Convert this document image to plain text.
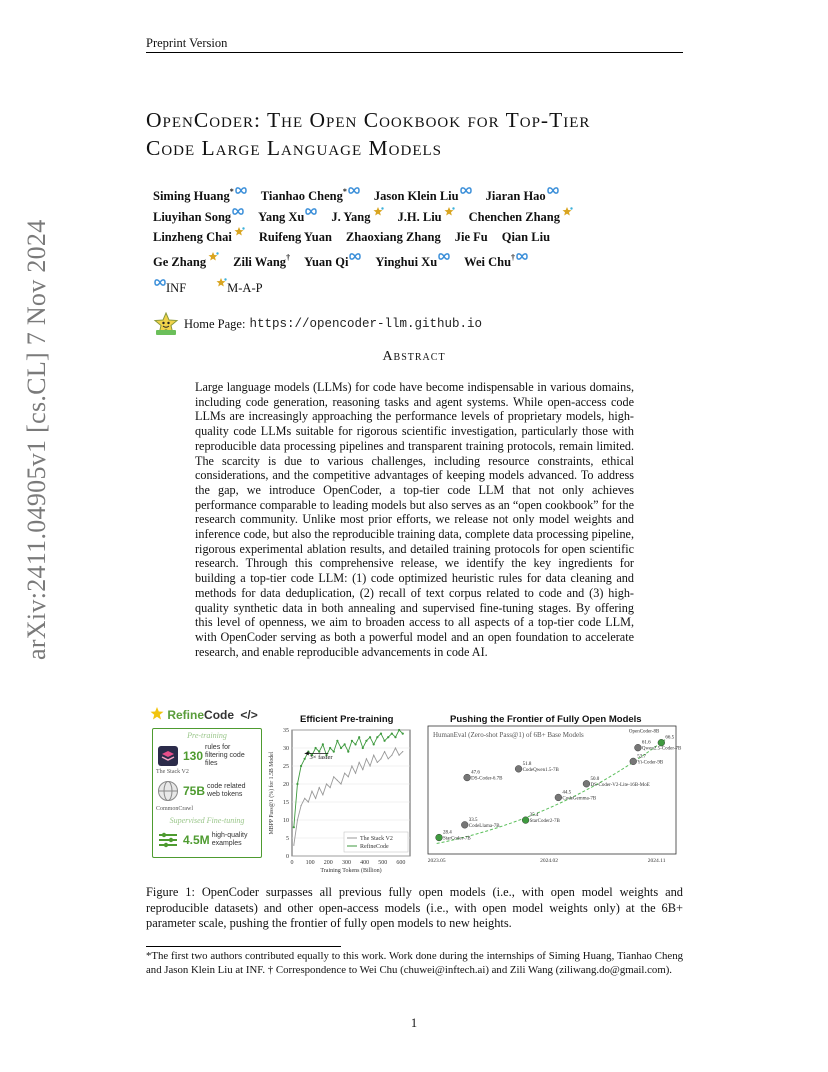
Preprint Version
arXiv:2411.04905v1 [cs.CL] 7 Nov 2024
OpenCoder: The Open Cookbook for Top-Tier
Code Large Language Models
Siming Huang* Tianhao Cheng* Jason Klein Liu Jiaran Hao
Liuyihan Song Yang Xu J. Yang J.H. Liu Chenchen Zhang
Linzheng Chai Ruifeng Yuan Zhaoxiang Zhang Jie Fu Qian Liu
Ge Zhang Zili Wang† Yuan Qi Yinghui Xu Wei Chu†
INF	M-A-P
Home Page: https://opencoder-llm.github.io
Abstract
Large language models (LLMs) for code have become indispensable in various domains, including code generation, reasoning tasks and agent systems. While open-access code LLMs are increasingly approaching the performance levels of proprietary models, high-quality code LLMs suitable for rigorous scientific investigation, particularly those with reproducible data processing pipelines and transparent training protocols, remain limited. The scarcity is due to various challenges, including resource constraints, ethical considerations, and the competitive advantages of keeping models advanced. To address the gap, we introduce OpenCoder, a top-tier code LLM that not only achieves performance comparable to leading models but also serves as an “open cookbook” for the research community. Unlike most prior efforts, we release not only model weights and inference code, but also the reproducible training data, complete data processing pipeline, rigorous experimental ablation results, and detailed training protocols for open scientific research. Through this comprehensive release, we identify the key ingredients for building a top-tier code LLM: (1) code optimized heuristic rules for data cleaning and methods for data deduplication, (2) recall of text corpus related to code and (3) high-quality synthetic data in both annealing and supervised fine-tuning stages. By offering this level of openness, we aim to broaden access to all aspects of a top-tier code LLM, with OpenCoder serving as both a powerful model and an open foundation to accelerate research, and enable reproducible advancements in code AI.
RefineCode </>
Pre-training
130
rules for filtering code files
The Stack V2
75B code related web tokens
CommonCrawl
Supervised Fine-tuning
4.5M high-quality examples
Efficient Pre-training
0
5
10
15
20
25
30
35
0 100 200 300 400 500 600
Training Tokens (Billion)
MBPP Pass@1 (%) for 1.5B Model	3× faster
The Stack V2
RefineCode
Pushing the Frontier of Fully Open Models
HumanEval (Zero-shot Pass@1) of 6B+ Base Models
28.4
StarCoder-7B
33.5
CodeLlama-7B
35.4
StarCoder2-7B
44.5
CodeGemma-7B
50.0
DS-Coder-V2-Lite-16B-MoE
47.6
DS-Coder-6.7B
51.8
CodeQwen1.5-7B
53.7
Yi-Coder-9B
61.6
Qwen2.5-Coder-7B
66.5
OpenCoder-8B
2023.05	2024.02	2024.11
Figure 1: OpenCoder surpasses all previous fully open models (i.e., with open model weights and reproducible datasets) and other open-access models (i.e., with open model weights only) at the 6B+ parameter scale, pushing the frontier of fully open models to new heights.
*The first two authors contributed equally to this work. Work done during the internships of Siming Huang, Tianhao Cheng and Jason Klein Liu at INF. † Correspondence to Wei Chu (chuwei@inftech.ai) and Zili Wang (ziliwang.do@gmail.com).
1
